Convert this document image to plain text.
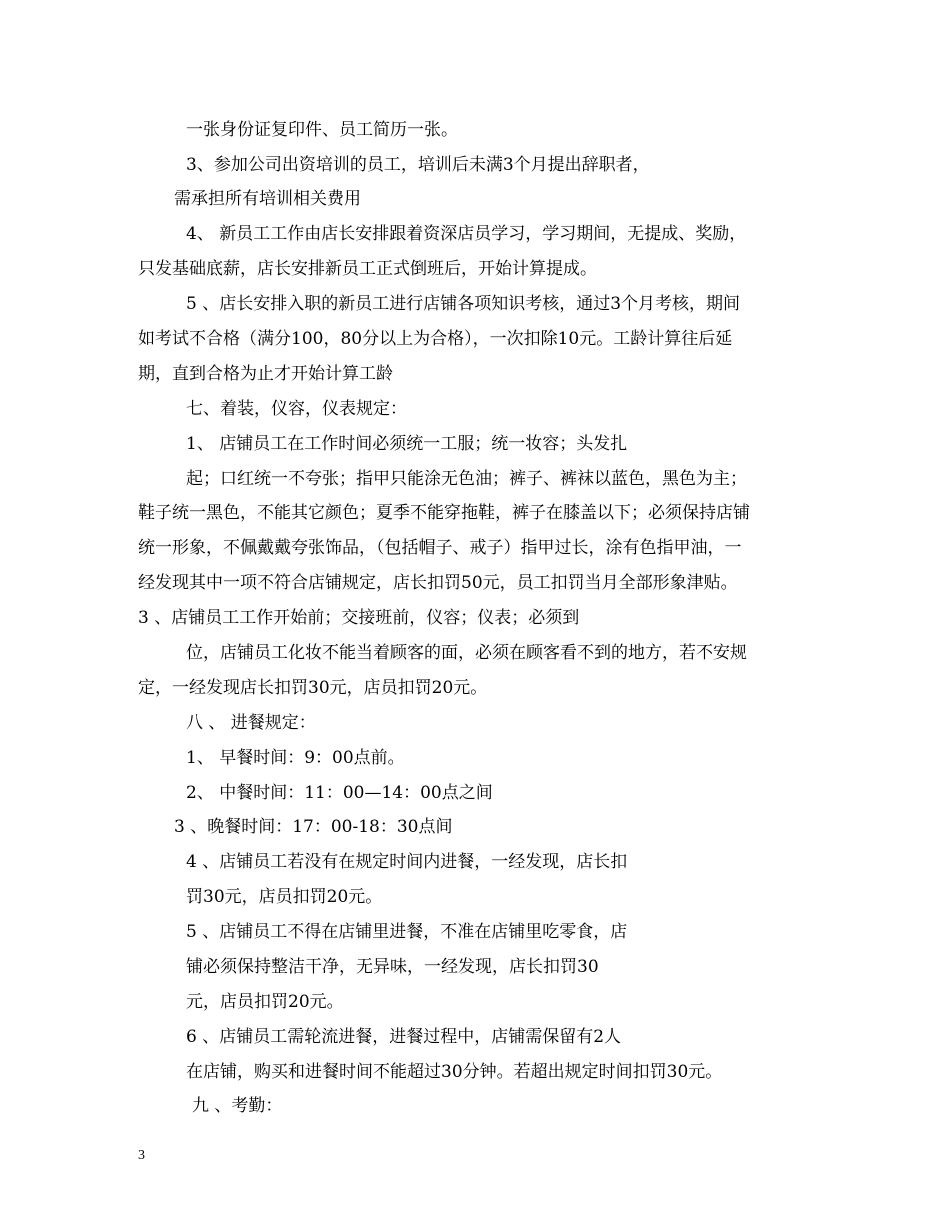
一张身份证复印件、员工简历一张。
3、参加公司出资培训的员工，培训后未满3个月提出辞职者，
需承担所有培训相关费用
4、 新员工工作由店长安排跟着资深店员学习，学习期间，无提成、奖励，
只发基础底薪，店长安排新员工正式倒班后，开始计算提成。
5 、店长安排入职的新员工进行店铺各项知识考核，通过3个月考核，期间
如考试不合格（满分100，80分以上为合格），一次扣除10元。工龄计算往后延
期，直到合格为止才开始计算工龄
七、着装，仪容，仪表规定：
1、 店铺员工在工作时间必须统一工服；统一妆容；头发扎
起；口红统一不夸张；指甲只能涂无色油；裤子、裤袜以蓝色，黑色为主；
鞋子统一黑色，不能其它颜色；夏季不能穿拖鞋，裤子在膝盖以下；必须保持店铺
统一形象，不佩戴戴夸张饰品，（包括帽子、戒子）指甲过长，涂有色指甲油，一
经发现其中一项不符合店铺规定，店长扣罚50元，员工扣罚当月全部形象津贴。
3 、店铺员工工作开始前；交接班前，仪容；仪表；必须到
位，店铺员工化妆不能当着顾客的面，必须在顾客看不到的地方，若不安规
定，一经发现店长扣罚30元，店员扣罚20元。
八 、 进餐规定：
1、 早餐时间：9：00点前。
2、 中餐时间：11：00—14：00点之间
3 、晚餐时间：17：00-18：30点间
4 、店铺员工若没有在规定时间内进餐，一经发现，店长扣
罚30元，店员扣罚20元。
5 、店铺员工不得在店铺里进餐，不准在店铺里吃零食，店
铺必须保持整洁干净，无异味，一经发现，店长扣罚30
元，店员扣罚20元。
6 、店铺员工需轮流进餐，进餐过程中，店铺需保留有2人
在店铺，购买和进餐时间不能超过30分钟。若超出规定时间扣罚30元。
九 、考勤：
3
